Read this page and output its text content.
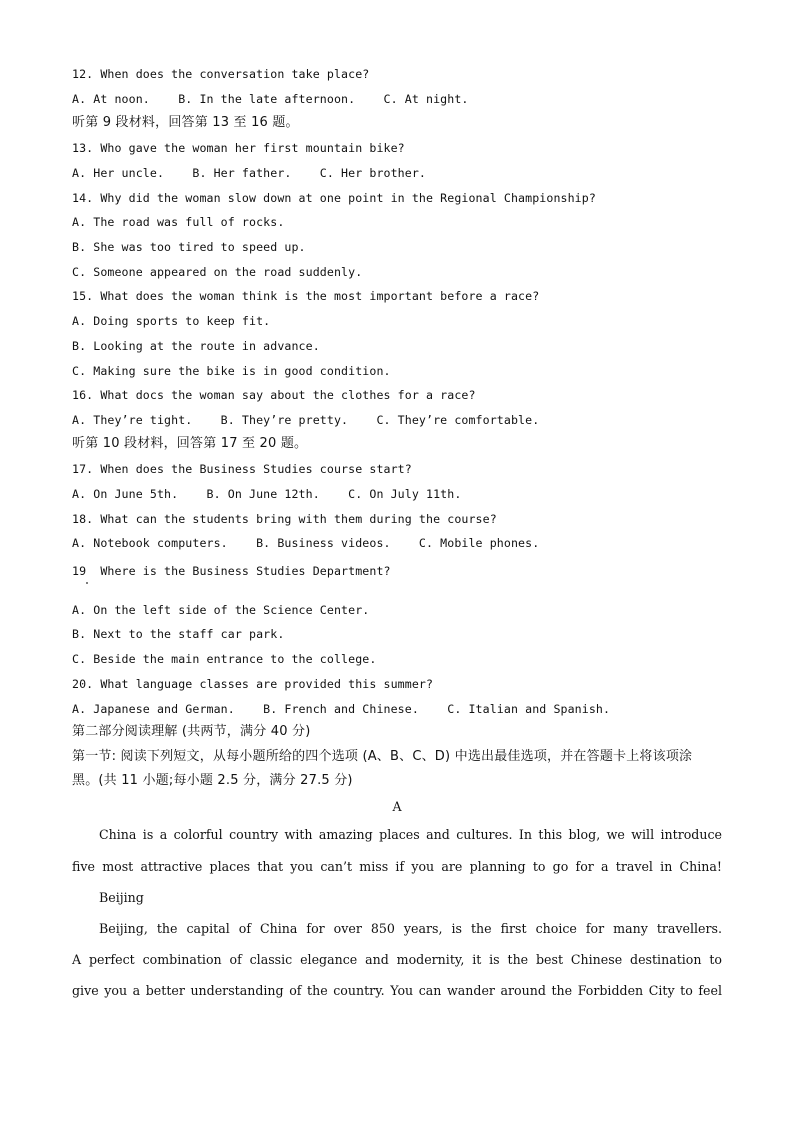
12. When does the conversation take place?
A. At noon.    B. In the late afternoon.    C. At night.
听第 9 段材料，回答第 13 至 16 题。
13. Who gave the woman her first mountain bike?
A. Her uncle.    B. Her father.    C. Her brother.
14. Why did the woman slow down at one point in the Regional Championship?
A. The road was full of rocks.
B. She was too tired to speed up.
C. Someone appeared on the road suddenly.
15. What does the woman think is the most important before a race?
A. Doing sports to keep fit.
B. Looking at the route in advance.
C. Making sure the bike is in good condition.
16. What docs the woman say about the clothes for a race?
A. They’re tight.    B. They’re pretty.    C. They’re comfortable.
听第 10 段材料，回答第 17 至 20 题。
17. When does the Business Studies course start?
A. On June 5th.    B. On June 12th.    C. On July 11th.
18. What can the students bring with them during the course?
A. Notebook computers.    B. Business videos.    C. Mobile phones.
19  Where is the Business Studies Department?
A. On the left side of the Science Center.
B. Next to the staff car park.
C. Beside the main entrance to the college.
20. What language classes are provided this summer?
A. Japanese and German.    B. French and Chinese.    C. Italian and Spanish.
第二部分阅读理解 (共两节，满分 40 分)
第一节: 阅读下列短文，从每小题所给的四个选项 (A、B、C、D) 中选出最佳选项，并在答题卡上将该项涂
黑。(共 11 小题;每小题 2.5 分，满分 27.5 分)
A
China is a colorful country with amazing places and cultures. In this blog, we will introduce
five most attractive places that you can’t miss if you are planning to go for a travel in China!
Beijing
Beijing, the capital of China for over 850 years, is the first choice for many travellers.
A perfect combination of classic elegance and modernity, it is the best Chinese destination to
give you a better understanding of the country. You can wander around the Forbidden City to feel
